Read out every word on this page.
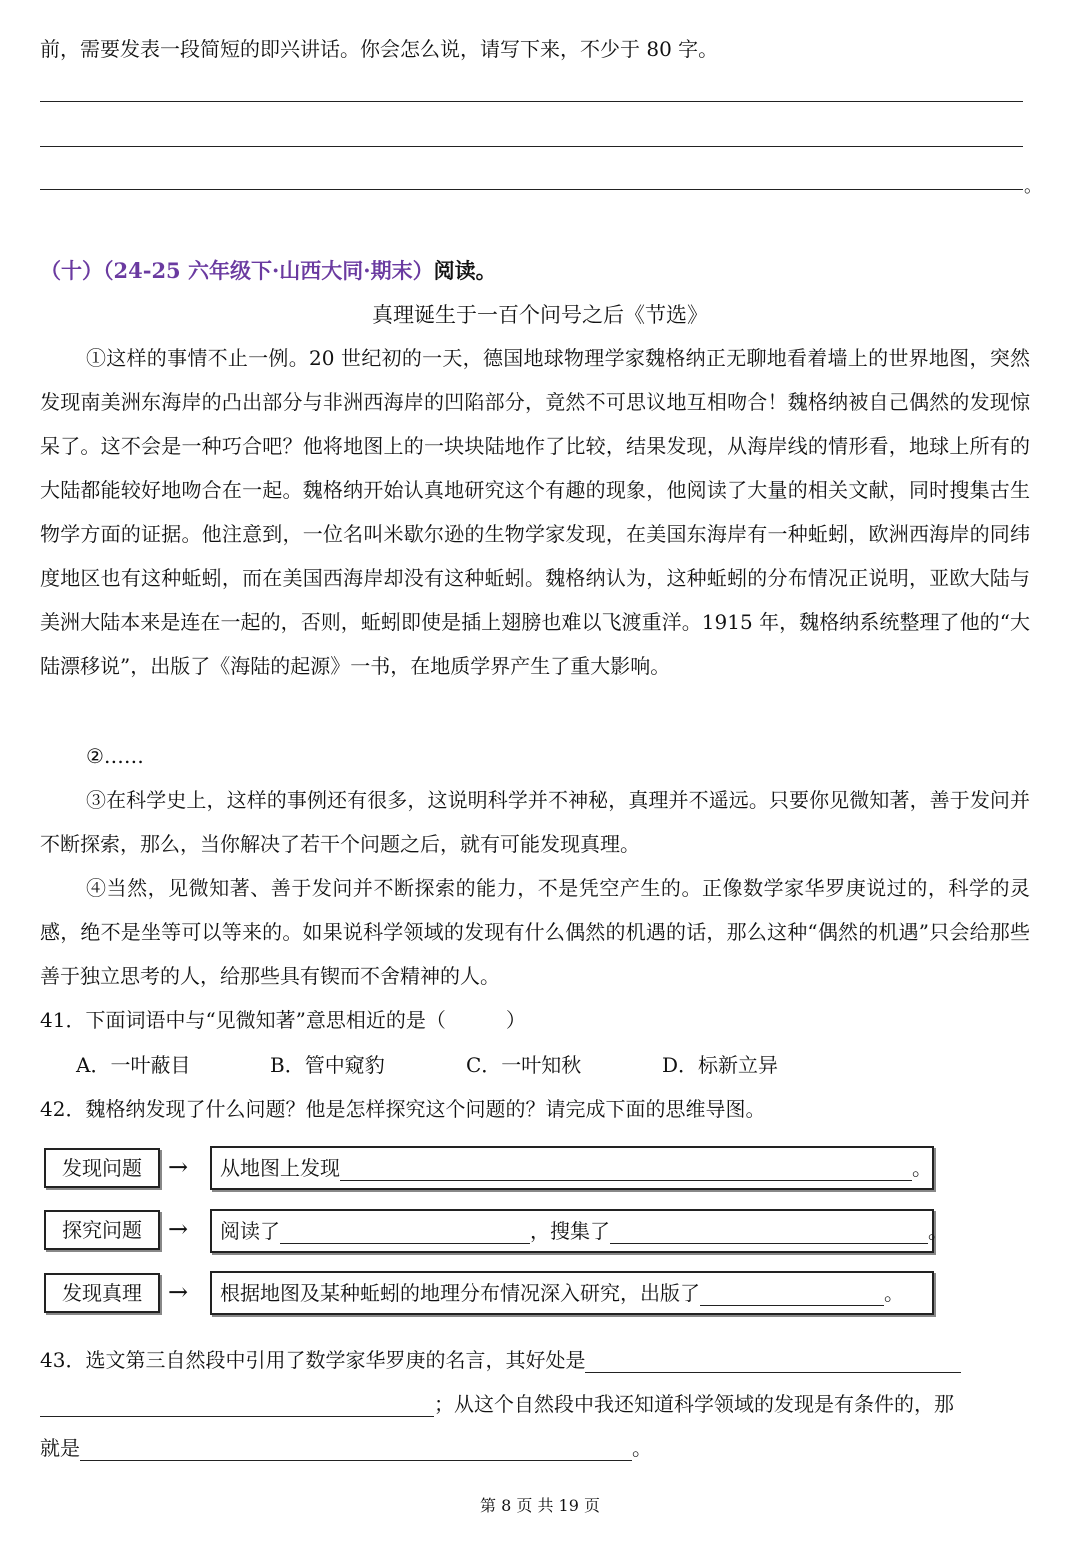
前，需要发表一段简短的即兴讲话。你会怎么说，请写下来，不少于 80 字。
。
（十）（24-25 六年级下·山西大同·期末）阅读。
真理诞生于一百个问号之后《节选》
①这样的事情不止一例。20 世纪初的一天，德国地球物理学家魏格纳正无聊地看着墙上的世界地图，突然发现南美洲东海岸的凸出部分与非洲西海岸的凹陷部分，竟然不可思议地互相吻合！魏格纳被自己偶然的发现惊呆了。这不会是一种巧合吧？他将地图上的一块块陆地作了比较，结果发现，从海岸线的情形看，地球上所有的大陆都能较好地吻合在一起。魏格纳开始认真地研究这个有趣的现象，他阅读了大量的相关文献，同时搜集古生物学方面的证据。他注意到，一位名叫米歇尔逊的生物学家发现，在美国东海岸有一种蚯蚓，欧洲西海岸的同纬度地区也有这种蚯蚓，而在美国西海岸却没有这种蚯蚓。魏格纳认为，这种蚯蚓的分布情况正说明，亚欧大陆与美洲大陆本来是连在一起的，否则，蚯蚓即使是插上翅膀也难以飞渡重洋。1915 年，魏格纳系统整理了他的“大陆漂移说”，出版了《海陆的起源》一书，在地质学界产生了重大影响。
②……
③在科学史上，这样的事例还有很多，这说明科学并不神秘，真理并不遥远。只要你见微知著，善于发问并不断探索，那么，当你解决了若干个问题之后，就有可能发现真理。
④当然，见微知著、善于发问并不断探索的能力，不是凭空产生的。正像数学家华罗庚说过的，科学的灵感，绝不是坐等可以等来的。如果说科学领域的发现有什么偶然的机遇的话，那么这种“偶然的机遇”只会给那些善于独立思考的人，给那些具有锲而不舍精神的人。
41．下面词语中与“见微知著”意思相近的是（　　　）
A．一叶蔽目	B．管中窥豹	C．一叶知秋	D．标新立异
42．魏格纳发现了什么问题？他是怎样探究这个问题的？请完成下面的思维导图。
发现问题	→	从地图上发现	。
探究问题	→	阅读了	，搜集了	。
发现真理	→	根据地图及某种蚯蚓的地理分布情况深入研究，出版了	。
43．选文第三自然段中引用了数学家华罗庚的名言，其好处是
；从这个自然段中我还知道科学领域的发现是有条件的，那
就是	。
第 8 页 共 19 页
